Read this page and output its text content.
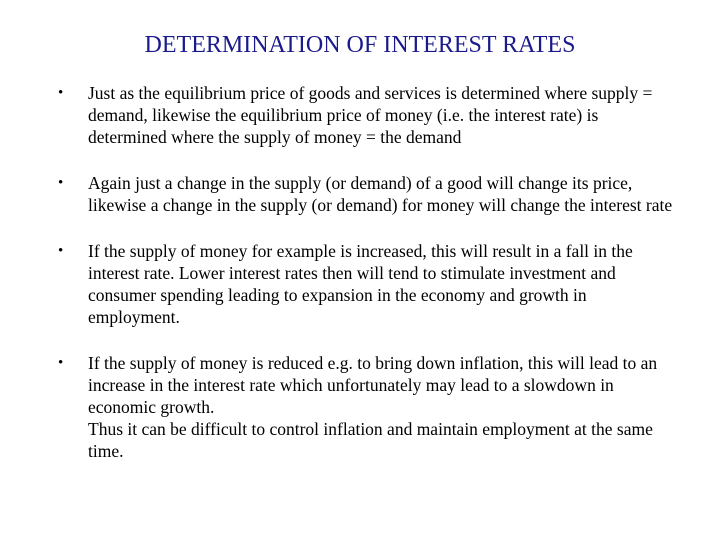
DETERMINATION OF INTEREST RATES
•	Just as the equilibrium price of goods and services is determined where supply = demand, likewise the equilibrium price of money (i.e. the interest rate) is determined where the supply of money = the demand
•	Again just a change in the supply (or demand) of a good will change its price, likewise a change in the supply (or demand) for money will change the interest rate
•	If the supply of money for example is increased, this will result in a fall in the interest rate. Lower interest rates then will tend to stimulate investment and consumer spending leading to expansion in the economy and growth in employment.
•	If the supply of money is reduced e.g. to bring down inflation, this will lead to an increase in the interest rate which unfortunately may lead to a slowdown in economic growth.
Thus it can be difficult to control inflation and maintain employment at the same time.
